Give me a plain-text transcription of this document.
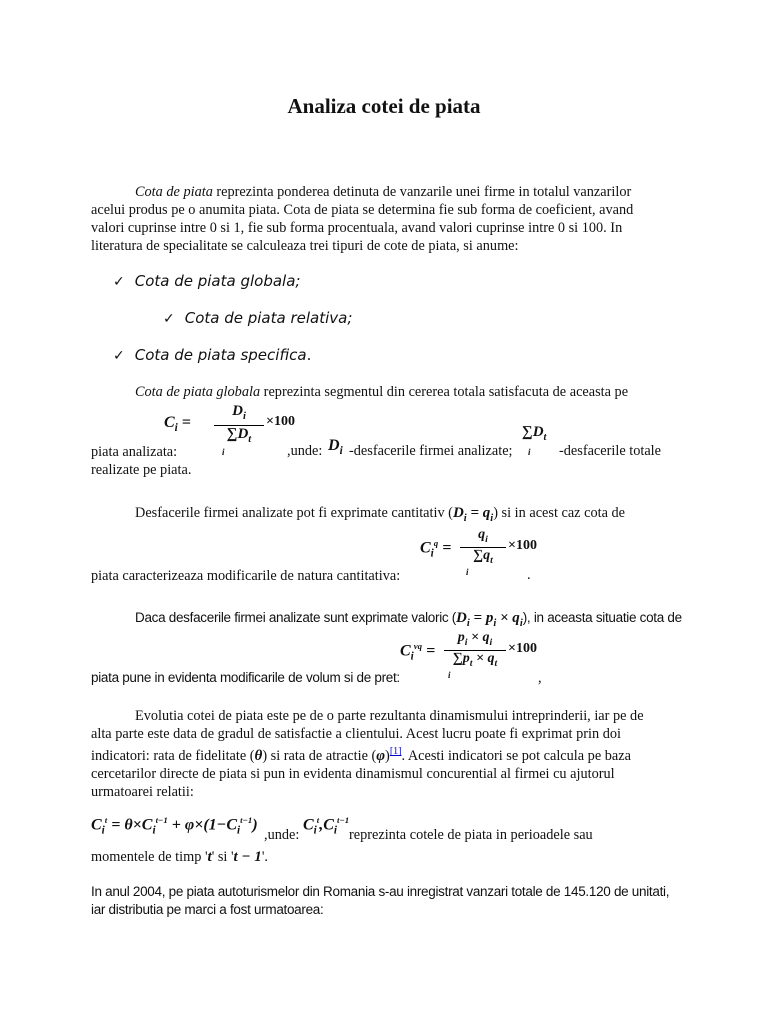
Analiza cotei de piata
Cota de piata reprezinta ponderea detinuta de vanzarile unei firme in totalul vanzarilor
acelui produs pe o anumita piata. Cota de piata se determina fie sub forma de coeficient, avand
valori cuprinse intre 0 si 1, fie sub forma procentuala, avand valori cuprinse intre 0 si 100. In
literatura de specialitate se calculeaza trei tipuri de cote de piata, si anume:
✓ Cota de piata globala;
✓ Cota de piata relativa;
✓ Cota de piata specifica.
Cota de piata globala reprezinta segmentul din cererea totala satisfacuta de aceasta pe
$C_i$ =
$D_i$
$\sum D_t$
i
×100
piata analizata:	,unde: $D_i$ -desfacerile firmei analizate;
$\sum D_t$
i	-desfacerile totale
realizate pe piata.
Desfacerile firmei analizate pot fi exprimate cantitativ $(D_i = q_i)$ si in acest caz cota de
$C_i^q$ =
$q_i$
$\sum q_t$
i
×100
piata caracterizeaza modificarile de natura cantitativa:	.
Daca desfacerile firmei analizate sunt exprimate valoric $(D_i = p_i \times q_i)$, in aceasta situatie cota de
$C_i^{vq}$ =
$p_i \times q_i$
$\sum p_t \times q_t$
i
×100
piata pune in evidenta modificarile de volum si de pret:	,
Evolutia cotei de piata este pe de o parte rezultanta dinamismului intreprinderii, iar pe de
alta parte este data de gradul de satisfactie a clientului. Acest lucru poate fi exprimat prin doi
indicatori: rata de fidelitate (θ) si rata de atractie (φ)[1]. Acesti indicatori se pot calcula pe baza
cercetarilor directe de piata si pun in evidenta dinamismul concurential al firmei cu ajutorul
urmatoarei relatii:
$C_i^t = \theta\times C_i^{t-1} + \varphi\times(1-C_i^{t-1})$
,unde:
$C_i^t,C_i^{t-1}$
reprezinta cotele de piata in perioadele sau
momentele de timp 't' si 't − 1'.
In anul 2004, pe piata autoturismelor din Romania s-au inregistrat vanzari totale de 145.120 de unitati,
iar distributia pe marci a fost urmatoarea:
